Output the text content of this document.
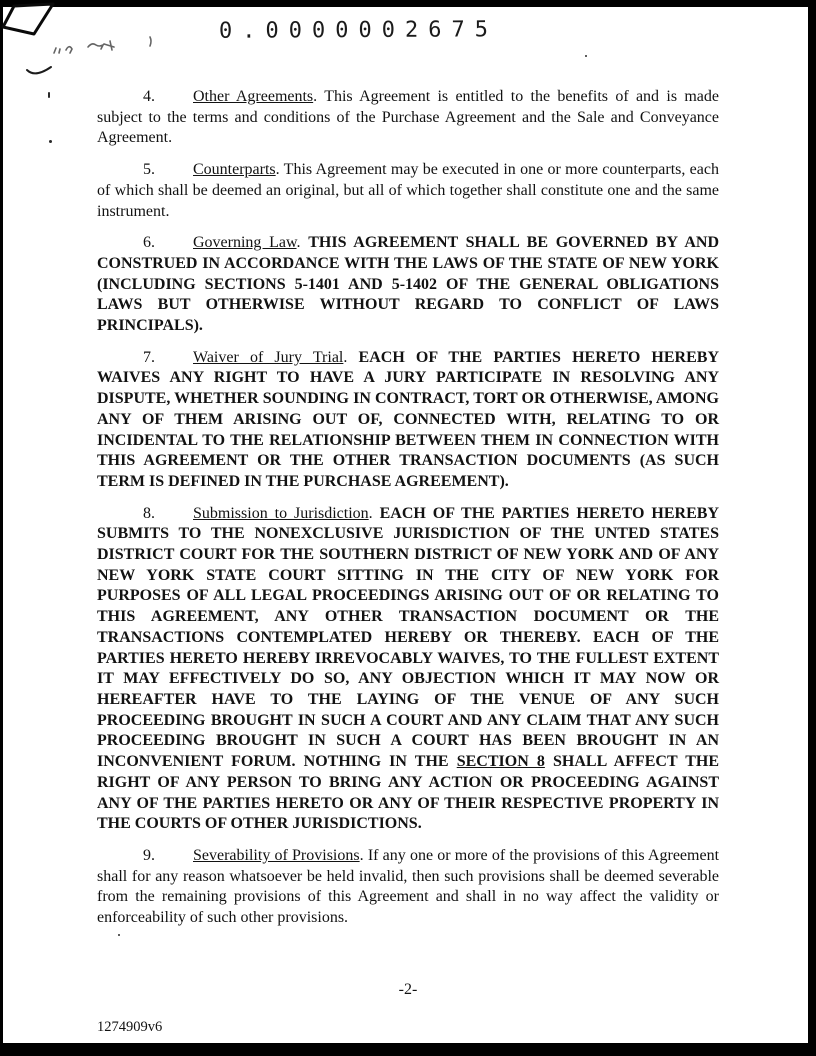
0.0000002675

4. Other Agreements. This Agreement is entitled to the benefits of and is made subject to the terms and conditions of the Purchase Agreement and the Sale and Conveyance Agreement.

5. Counterparts. This Agreement may be executed in one or more counterparts, each of which shall be deemed an original, but all of which together shall constitute one and the same instrument.

6. Governing Law. THIS AGREEMENT SHALL BE GOVERNED BY AND CONSTRUED IN ACCORDANCE WITH THE LAWS OF THE STATE OF NEW YORK (INCLUDING SECTIONS 5-1401 AND 5-1402 OF THE GENERAL OBLIGATIONS LAWS BUT OTHERWISE WITHOUT REGARD TO CONFLICT OF LAWS PRINCIPALS).

7. Waiver of Jury Trial. EACH OF THE PARTIES HERETO HEREBY WAIVES ANY RIGHT TO HAVE A JURY PARTICIPATE IN RESOLVING ANY DISPUTE, WHETHER SOUNDING IN CONTRACT, TORT OR OTHERWISE, AMONG ANY OF THEM ARISING OUT OF, CONNECTED WITH, RELATING TO OR INCIDENTAL TO THE RELATIONSHIP BETWEEN THEM IN CONNECTION WITH THIS AGREEMENT OR THE OTHER TRANSACTION DOCUMENTS (AS SUCH TERM IS DEFINED IN THE PURCHASE AGREEMENT).

8. Submission to Jurisdiction. EACH OF THE PARTIES HERETO HEREBY SUBMITS TO THE NONEXCLUSIVE JURISDICTION OF THE UNTED STATES DISTRICT COURT FOR THE SOUTHERN DISTRICT OF NEW YORK AND OF ANY NEW YORK STATE COURT SITTING IN THE CITY OF NEW YORK FOR PURPOSES OF ALL LEGAL PROCEEDINGS ARISING OUT OF OR RELATING TO THIS AGREEMENT, ANY OTHER TRANSACTION DOCUMENT OR THE TRANSACTIONS CONTEMPLATED HEREBY OR THEREBY. EACH OF THE PARTIES HERETO HEREBY IRREVOCABLY WAIVES, TO THE FULLEST EXTENT IT MAY EFFECTIVELY DO SO, ANY OBJECTION WHICH IT MAY NOW OR HEREAFTER HAVE TO THE LAYING OF THE VENUE OF ANY SUCH PROCEEDING BROUGHT IN SUCH A COURT AND ANY CLAIM THAT ANY SUCH PROCEEDING BROUGHT IN SUCH A COURT HAS BEEN BROUGHT IN AN INCONVENIENT FORUM. NOTHING IN THE SECTION 8 SHALL AFFECT THE RIGHT OF ANY PERSON TO BRING ANY ACTION OR PROCEEDING AGAINST ANY OF THE PARTIES HERETO OR ANY OF THEIR RESPECTIVE PROPERTY IN THE COURTS OF OTHER JURISDICTIONS.

9. Severability of Provisions. If any one or more of the provisions of this Agreement shall for any reason whatsoever be held invalid, then such provisions shall be deemed severable from the remaining provisions of this Agreement and shall in no way affect the validity or enforceability of such other provisions.

-2-
1274909v6
